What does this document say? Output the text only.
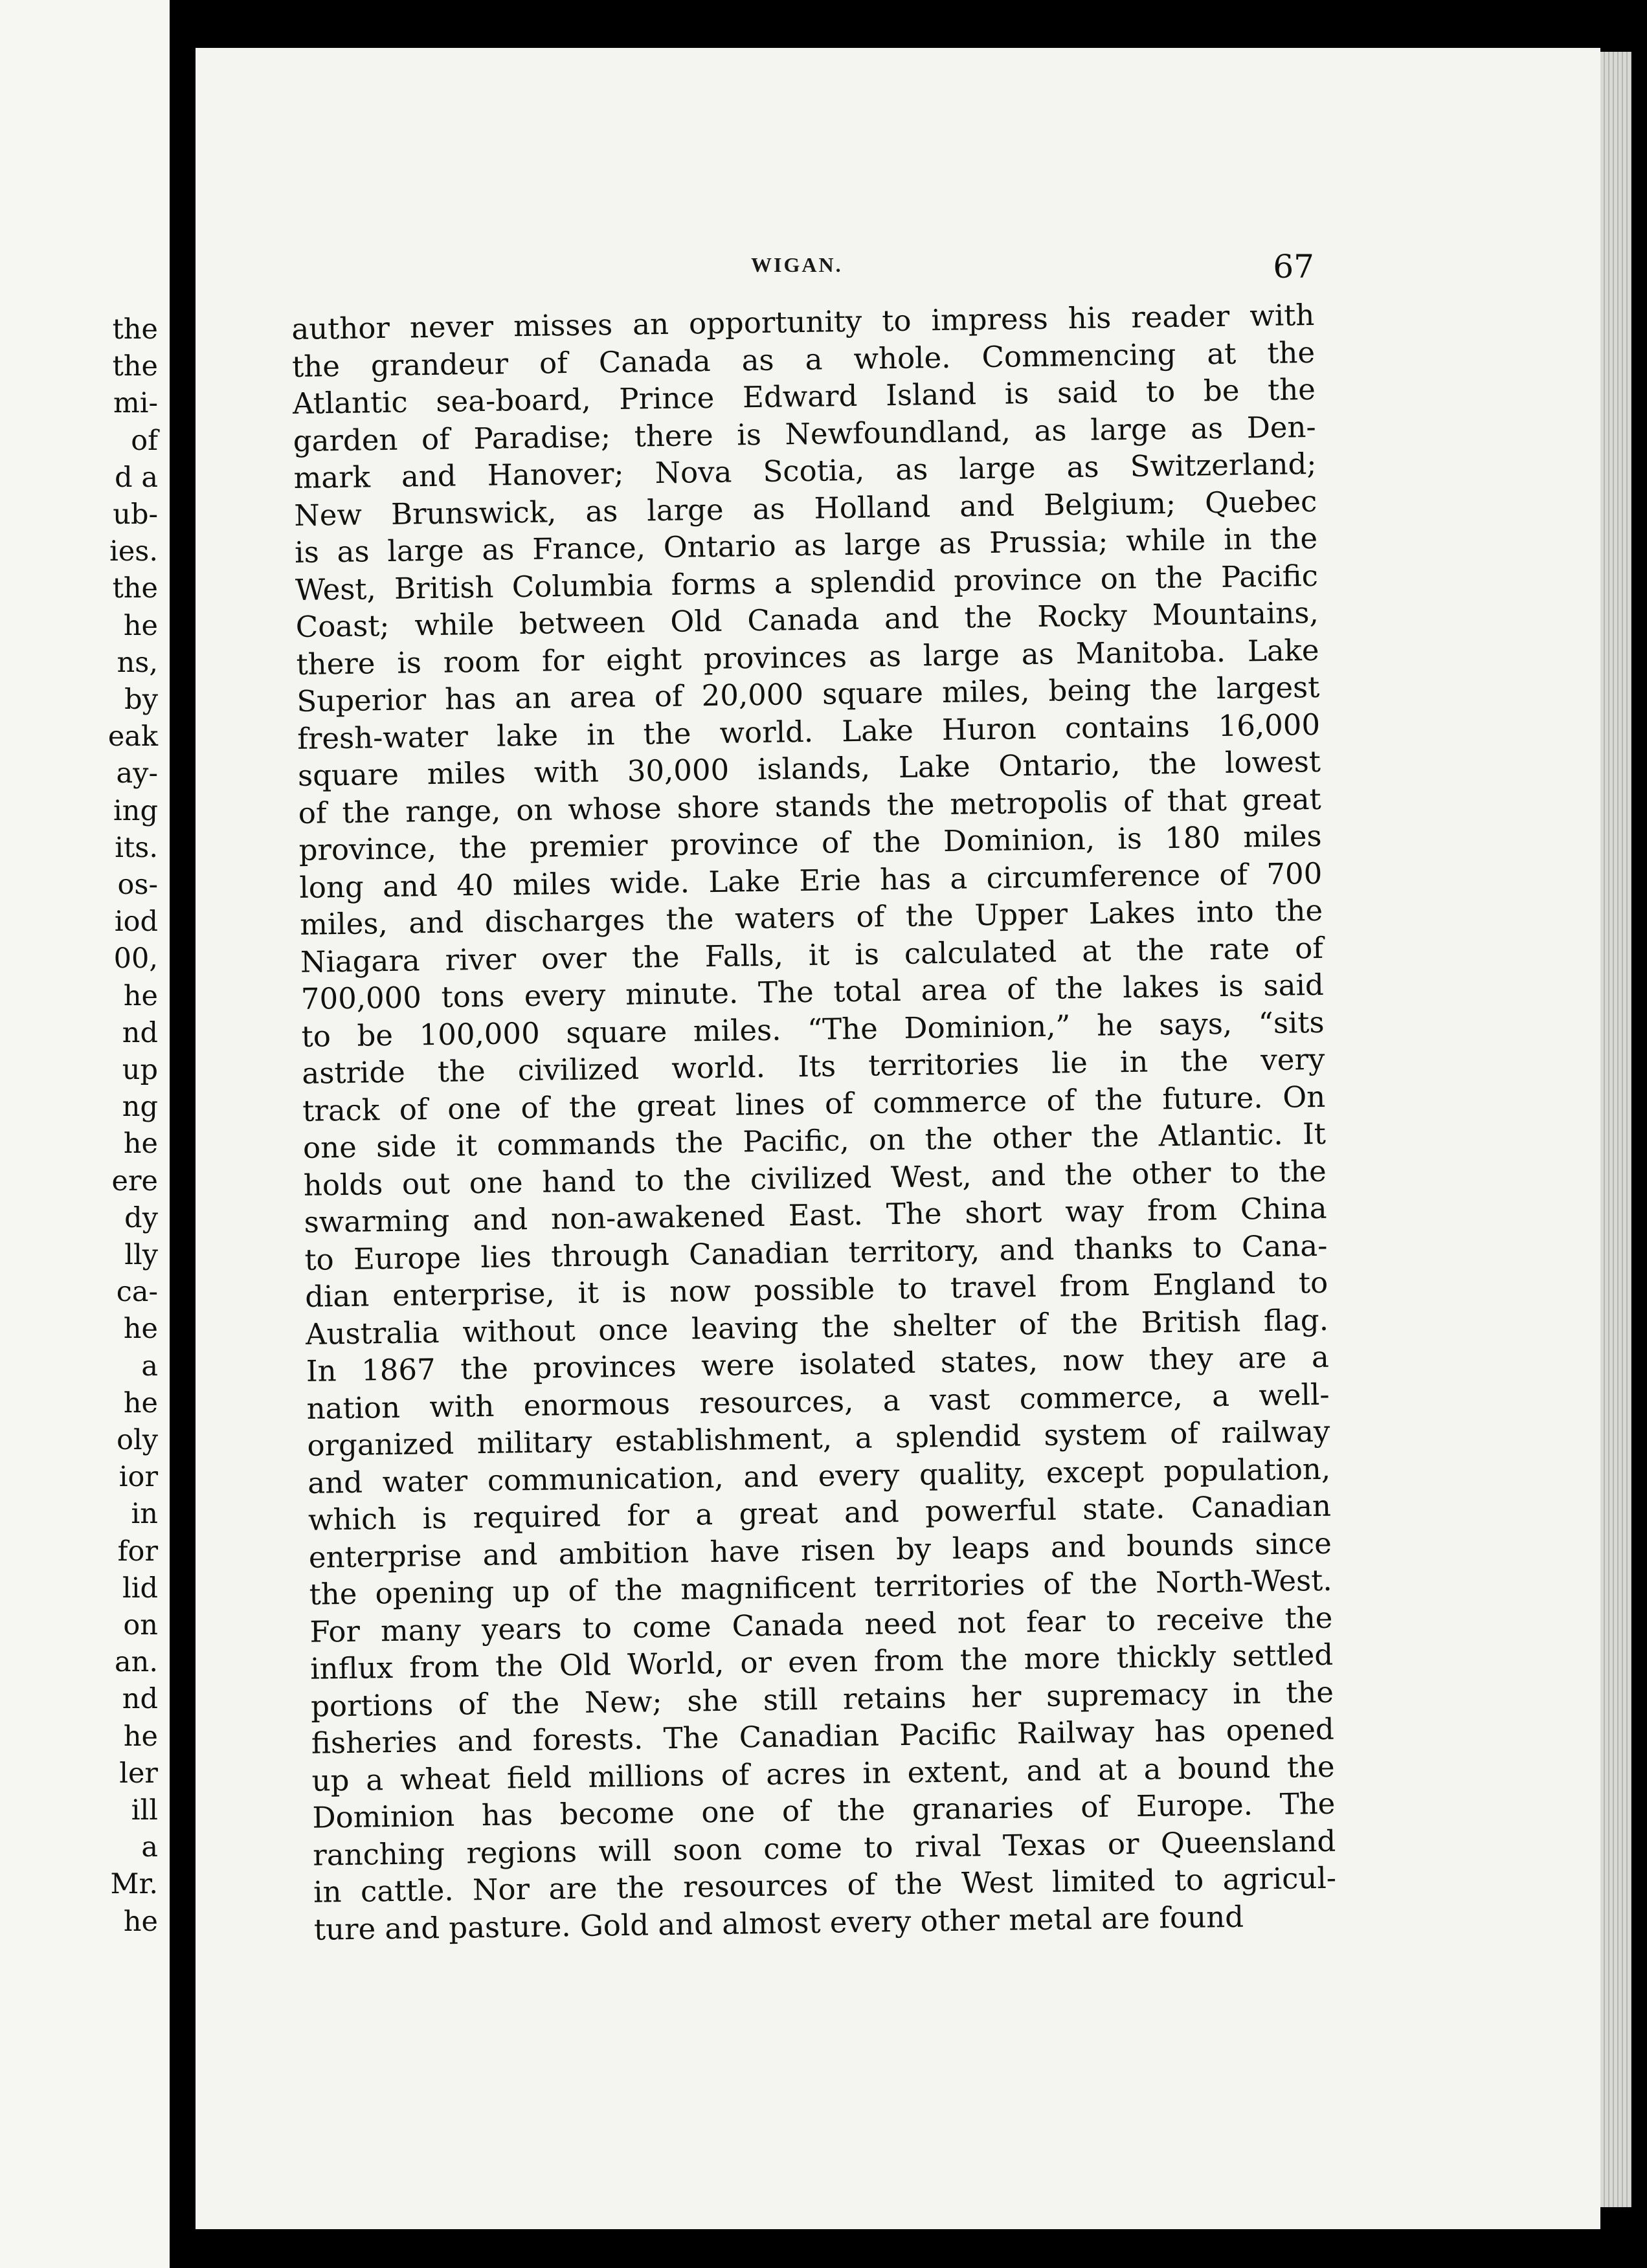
the
the
mi-
of
d a
ub-
ies.
the
he
ns,
by
eak
ay-
ing
its.
os-
iod
00,
he
nd
up
ng
he
ere
dy
lly
ca-
he
a
he
oly
ior
in
for
lid
on
an.
nd
he
ler
ill
a
Mr.
he
WIGAN.	67
author never misses an opportunity to impress his reader with
the grandeur of Canada as a whole. Commencing at the
Atlantic sea-board, Prince Edward Island is said to be the
garden of Paradise; there is Newfoundland, as large as Den-
mark and Hanover; Nova Scotia, as large as Switzerland;
New Brunswick, as large as Holland and Belgium; Quebec
is as large as France, Ontario as large as Prussia; while in the
West, British Columbia forms a splendid province on the Pacific
Coast; while between Old Canada and the Rocky Mountains,
there is room for eight provinces as large as Manitoba. Lake
Superior has an area of 20,000 square miles, being the largest
fresh-water lake in the world. Lake Huron contains 16,000
square miles with 30,000 islands, Lake Ontario, the lowest
of the range, on whose shore stands the metropolis of that great
province, the premier province of the Dominion, is 180 miles
long and 40 miles wide. Lake Erie has a circumference of 700
miles, and discharges the waters of the Upper Lakes into the
Niagara river over the Falls, it is calculated at the rate of
700,000 tons every minute. The total area of the lakes is said
to be 100,000 square miles. “The Dominion,” he says, “sits
astride the civilized world. Its territories lie in the very
track of one of the great lines of commerce of the future. On
one side it commands the Pacific, on the other the Atlantic. It
holds out one hand to the civilized West, and the other to the
swarming and non-awakened East. The short way from China
to Europe lies through Canadian territory, and thanks to Cana-
dian enterprise, it is now possible to travel from England to
Australia without once leaving the shelter of the British flag.
In 1867 the provinces were isolated states, now they are a
nation with enormous resources, a vast commerce, a well-
organized military establishment, a splendid system of railway
and water communication, and every quality, except population,
which is required for a great and powerful state. Canadian
enterprise and ambition have risen by leaps and bounds since
the opening up of the magnificent territories of the North-West.
For many years to come Canada need not fear to receive the
influx from the Old World, or even from the more thickly settled
portions of the New; she still retains her supremacy in the
fisheries and forests. The Canadian Pacific Railway has opened
up a wheat field millions of acres in extent, and at a bound the
Dominion has become one of the granaries of Europe. The
ranching regions will soon come to rival Texas or Queensland
in cattle. Nor are the resources of the West limited to agricul-
ture and pasture. Gold and almost every other metal are found
